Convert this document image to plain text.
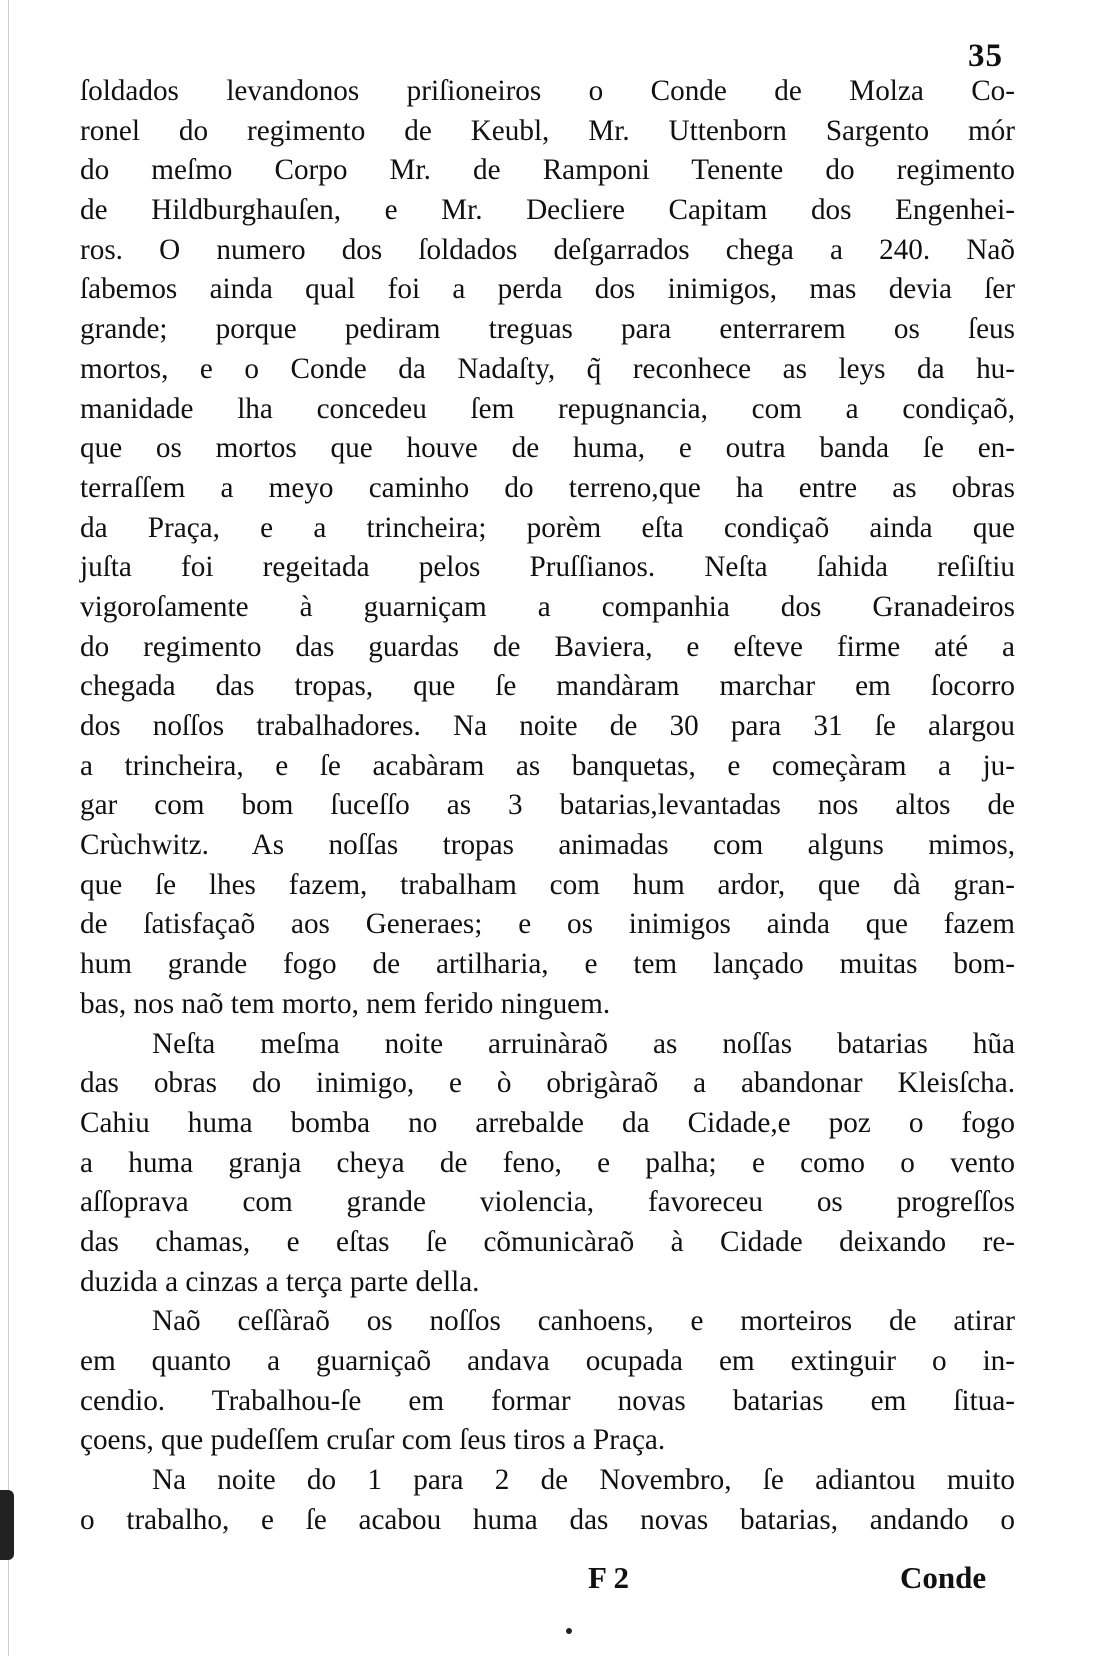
35
ſoldados levandonos priſioneiros o Conde de Molza Co-
ronel do regimento de Keubl, Mr. Uttenborn Sargento mór
do meſmo Corpo Mr. de Ramponi Tenente do regimento
de Hildburghauſen, e Mr. Decliere Capitam dos Engenhei-
ros. O numero dos ſoldados deſgarrados chega a 240. Naõ
ſabemos ainda qual foi a perda dos inimigos, mas devia ſer
grande; porque pediram treguas para enterrarem os ſeus
mortos, e o Conde da Nadaſty, q̃ reconhece as leys da hu-
manidade lha concedeu ſem repugnancia, com a condiçaõ,
que os mortos que houve de huma, e outra banda ſe en-
terraſſem a meyo caminho do terreno,que ha entre as obras
da Praça, e a trincheira; porèm eſta condiçaõ ainda que
juſta foi regeitada pelos Pruſſianos. Neſta ſahida reſiſtiu
vigoroſamente à guarniçam a companhia dos Granadeiros
do regimento das guardas de Baviera, e eſteve firme até a
chegada das tropas, que ſe mandàram marchar em ſocorro
dos noſſos trabalhadores. Na noite de 30 para 31 ſe alargou
a trincheira, e ſe acabàram as banquetas, e começàram a ju-
gar com bom ſuceſſo as 3 batarias,levantadas nos altos de
Crùchwitz. As noſſas tropas animadas com alguns mimos,
que ſe lhes fazem, trabalham com hum ardor, que dà gran-
de ſatisfaçaõ aos Generaes; e os inimigos ainda que fazem
hum grande fogo de artilharia, e tem lançado muitas bom-
bas, nos naõ tem morto, nem ferido ninguem.
Neſta meſma noite arruinàraõ as noſſas batarias hũa
das obras do inimigo, e ò obrigàraõ a abandonar Kleisſcha.
Cahiu huma bomba no arrebalde da Cidade,e poz o fogo
a huma granja cheya de feno, e palha; e como o vento
aſſoprava com grande violencia, favoreceu os progreſſos
das chamas, e eſtas ſe cõmunicàraõ à Cidade deixando re-
duzida a cinzas a terça parte della.
Naõ ceſſàraõ os noſſos canhoens, e morteiros de atirar
em quanto a guarniçaõ andava ocupada em extinguir o in-
cendio. Trabalhou-ſe em formar novas batarias em ſitua-
çoens, que pudeſſem cruſar com ſeus tiros a Praça.
Na noite do 1 para 2 de Novembro, ſe adiantou muito
o trabalho, e ſe acabou huma das novas batarias, andando o
F 2	Conde
